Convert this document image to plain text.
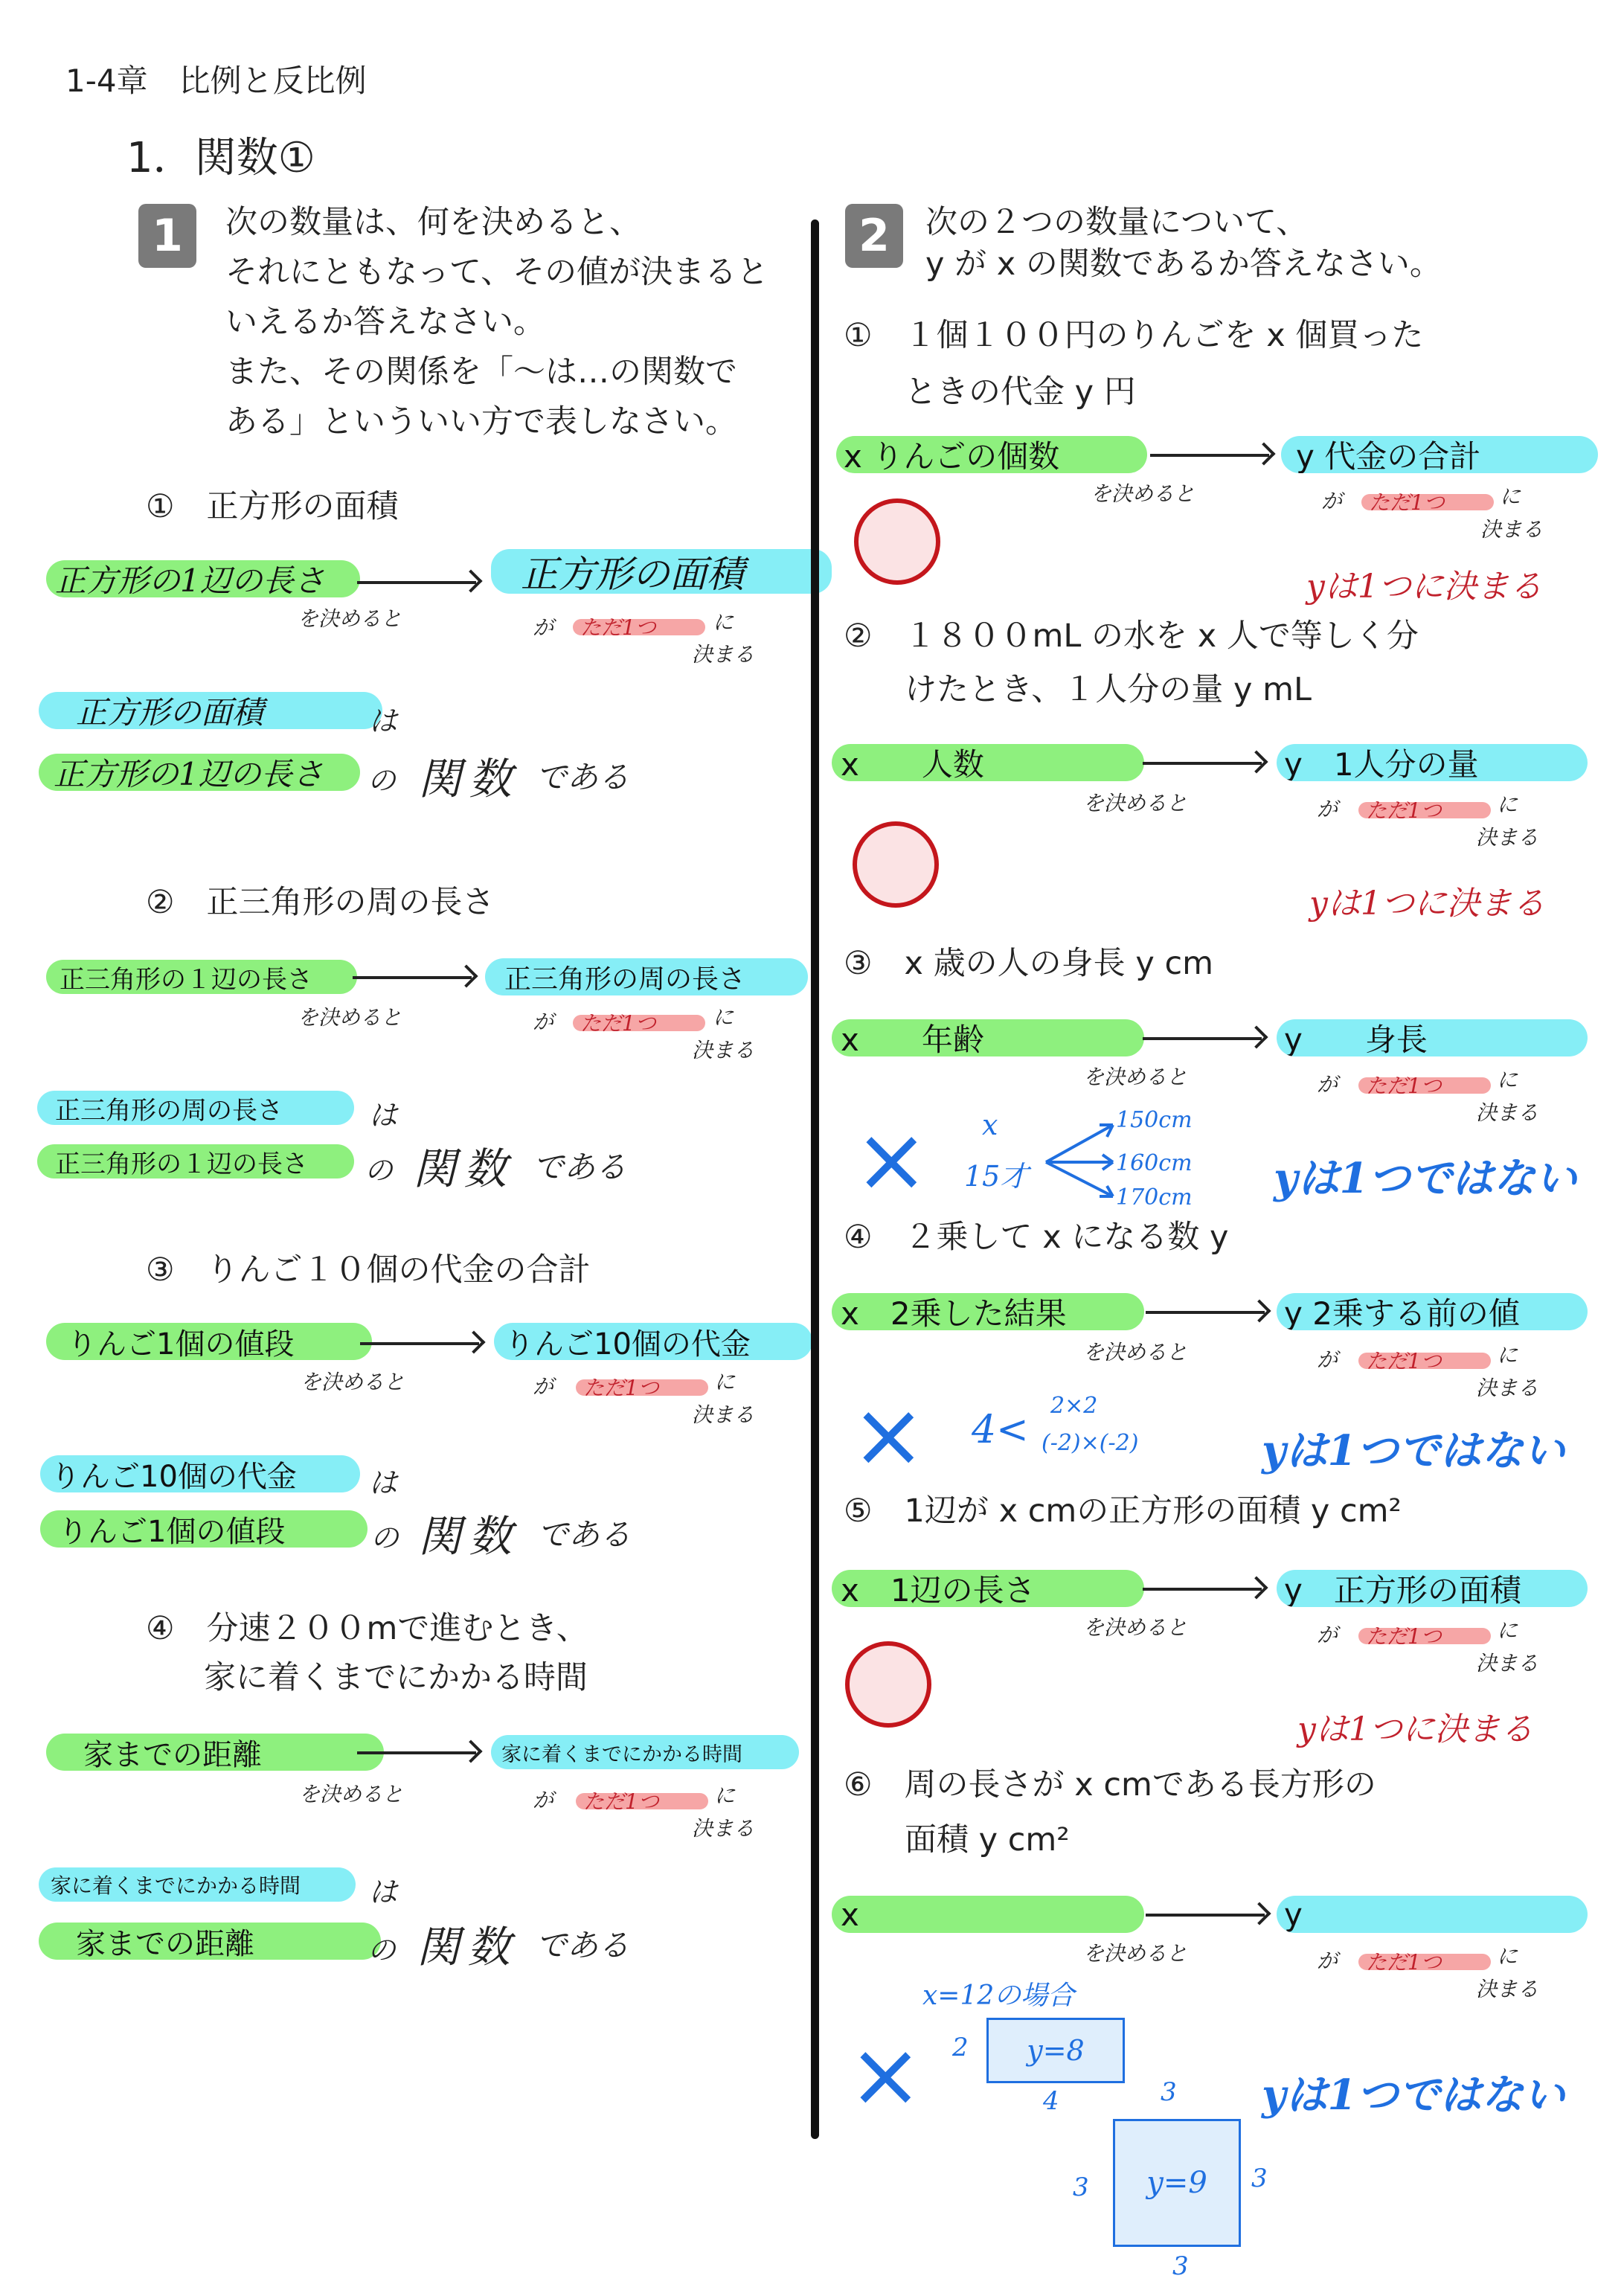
1-4章　比例と反比例
1．関数①
1	次の数量は、何を決めると、
それにともなって、その値が決まると
いえるか答えなさい。
また、その関係を「〜は…の関数で
ある」といういい方で表しなさい。
①　正方形の面積
正方形の1辺の長さ	正方形の面積
を決めると	が ただ1つ	に
決まる
正方形の面積	は
正方形の1辺の長さ の 関数 である
②　正三角形の周の長さ
正三角形の１辺の長さ	正三角形の周の長さ
を決めると	が ただ1つ	に
決まる
正三角形の周の長さ	は
正三角形の１辺の長さ の 関数 である
③　りんご１０個の代金の合計
りんご1個の値段	りんご10個の代金
を決めると	が ただ1つ	に
決まる
りんご10個の代金	は
りんご1個の値段	の 関数 である
④　分速２００mで進むとき、
家に着くまでにかかる時間
家までの距離	家に着くまでにかかる時間
を決めると	が ただ1つ	に
決まる
家に着くまでにかかる時間 は
家までの距離	の 関数 である
2	次の２つの数量について、
y が x の関数であるか答えなさい。
①　１個１００円のりんごを x 個買った
ときの代金 y 円
x りんごの個数	y 代金の合計
を決めると	が ただ1つ	に
決まる
yは1つに決まる
②　１８００mL の水を x 人で等しく分
けたとき、１人分の量 y mL
x　　人数	y　1人分の量
を決めると	が ただ1つ	に
決まる
yは1つに決まる
③　x 歳の人の身長 y cm
x　　年齢	y　　身長
を決めると	が ただ1つ	に
決まる
× x
15才
150cm
160cm
170cm yは1つではない
④　２乗して x になる数 y
x　2乗した結果	y 2乗する前の値
を決めると	が ただ1つ	に
決まる
× 4<
2×2
(-2)×(-2)	yは1つではない
⑤　1辺が x cmの正方形の面積 y cm²
x　1辺の長さ	y　正方形の面積
を決めると	が ただ1つ	に
決まる
yは1つに決まる
⑥　周の長さが x cmである長方形の
面積 y cm²
x	y
を決めると	が ただ1つ	に
決まる
x=12の場合
× 2 y=8
4	3
y=9
3	3
3
yは1つではない
